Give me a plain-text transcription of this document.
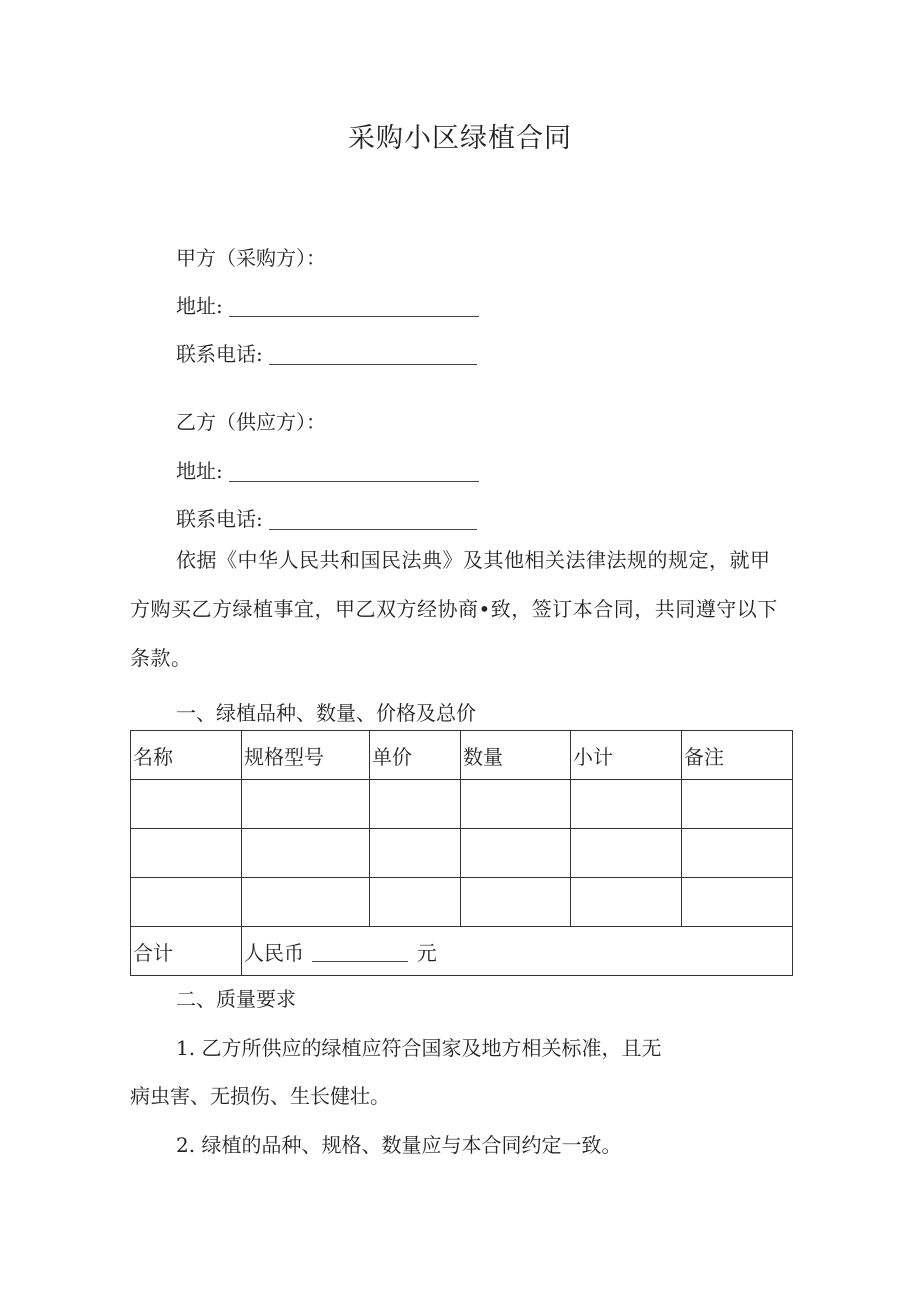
采购小区绿植合同
甲方（采购方）：
地址:
联系电话:
乙方（供应方）：
地址:
联系电话:
依据《中华人民共和国民法典》及其他相关法律法规的规定，就甲方购买乙方绿植事宜，甲乙双方经协商•致，签订本合同，共同遵守以下条款。
一、绿植品种、数量、价格及总价
名称	规格型号	单价	数量	小计	备注

合计	人民币 元				
二、质量要求
1. 乙方所供应的绿植应符合国家及地方相关标准，且无
病虫害、无损伤、生长健壮。
2. 绿植的品种、规格、数量应与本合同约定一致。
